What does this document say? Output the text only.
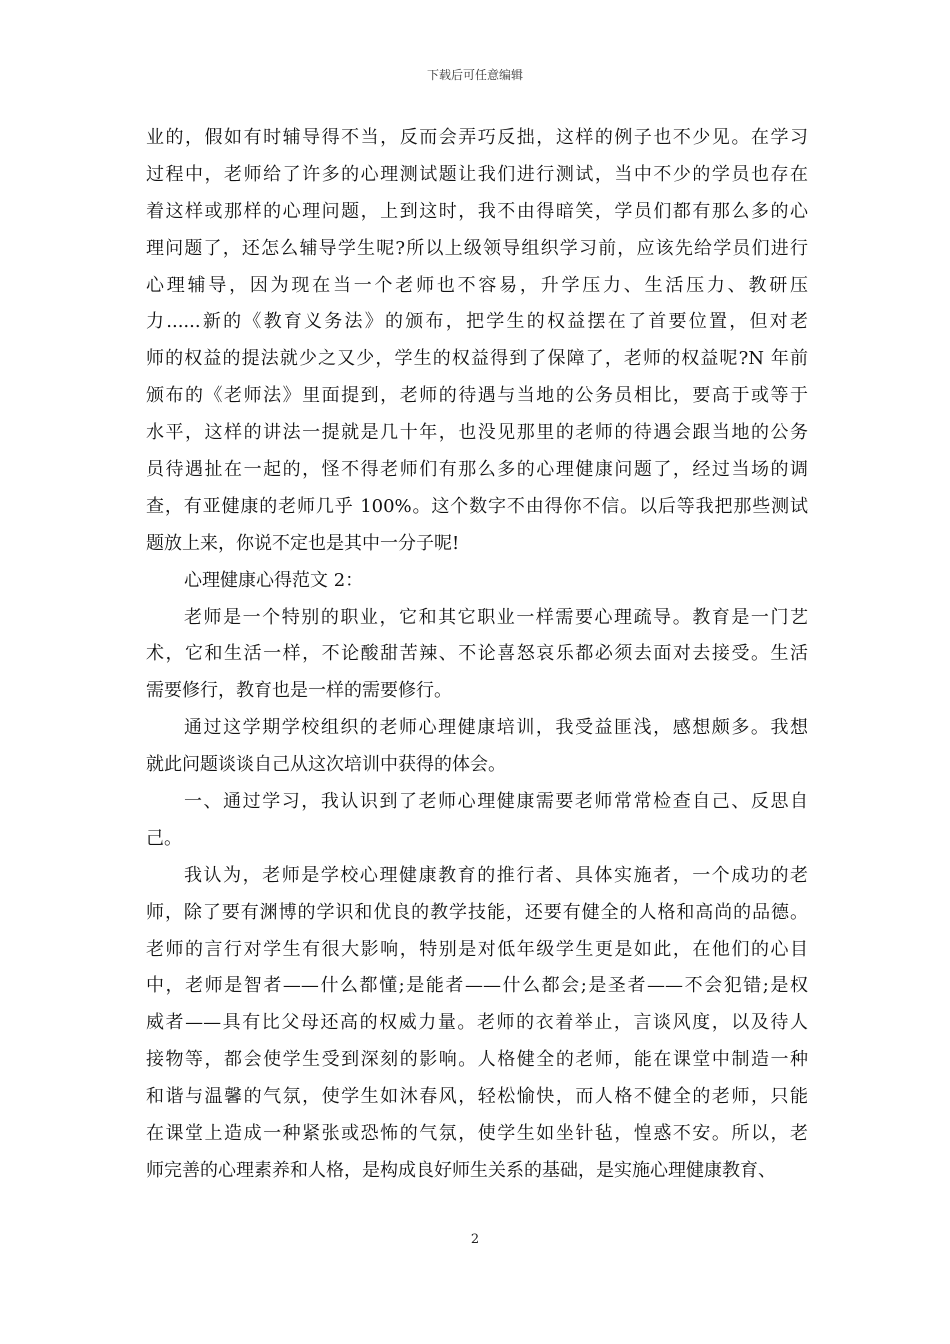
下载后可任意编辑
业的，假如有时辅导得不当，反而会弄巧反拙，这样的例子也不少见。在学习
过程中，老师给了许多的心理测试题让我们进行测试，当中不少的学员也存在
着这样或那样的心理问题，上到这时，我不由得暗笑，学员们都有那么多的心
理问题了，还怎么辅导学生呢?所以上级领导组织学习前，应该先给学员们进行
心理辅导，因为现在当一个老师也不容易，升学压力、生活压力、教研压
力......新的《教育义务法》的颁布，把学生的权益摆在了首要位置，但对老
师的权益的提法就少之又少，学生的权益得到了保障了，老师的权益呢?N 年前
颁布的《老师法》里面提到，老师的待遇与当地的公务员相比，要高于或等于
水平，这样的讲法一提就是几十年，也没见那里的老师的待遇会跟当地的公务
员待遇扯在一起的，怪不得老师们有那么多的心理健康问题了，经过当场的调
查，有亚健康的老师几乎 100%。这个数字不由得你不信。以后等我把那些测试
题放上来，你说不定也是其中一分子呢!
心理健康心得范文 2：
老师是一个特别的职业，它和其它职业一样需要心理疏导。教育是一门艺
术，它和生活一样，不论酸甜苦辣、不论喜怒哀乐都必须去面对去接受。生活
需要修行，教育也是一样的需要修行。
通过这学期学校组织的老师心理健康培训，我受益匪浅，感想颇多。我想
就此问题谈谈自己从这次培训中获得的体会。
一、通过学习，我认识到了老师心理健康需要老师常常检查自己、反思自
己。
我认为，老师是学校心理健康教育的推行者、具体实施者，一个成功的老
师，除了要有渊博的学识和优良的教学技能，还要有健全的人格和高尚的品德。
老师的言行对学生有很大影响，特别是对低年级学生更是如此，在他们的心目
中，老师是智者——什么都懂;是能者——什么都会;是圣者——不会犯错;是权
威者——具有比父母还高的权威力量。老师的衣着举止，言谈风度，以及待人
接物等，都会使学生受到深刻的影响。人格健全的老师，能在课堂中制造一种
和谐与温馨的气氛，使学生如沐春风，轻松愉快，而人格不健全的老师，只能
在课堂上造成一种紧张或恐怖的气氛，使学生如坐针毡，惶惑不安。所以，老
师完善的心理素养和人格，是构成良好师生关系的基础，是实施心理健康教育、
2
